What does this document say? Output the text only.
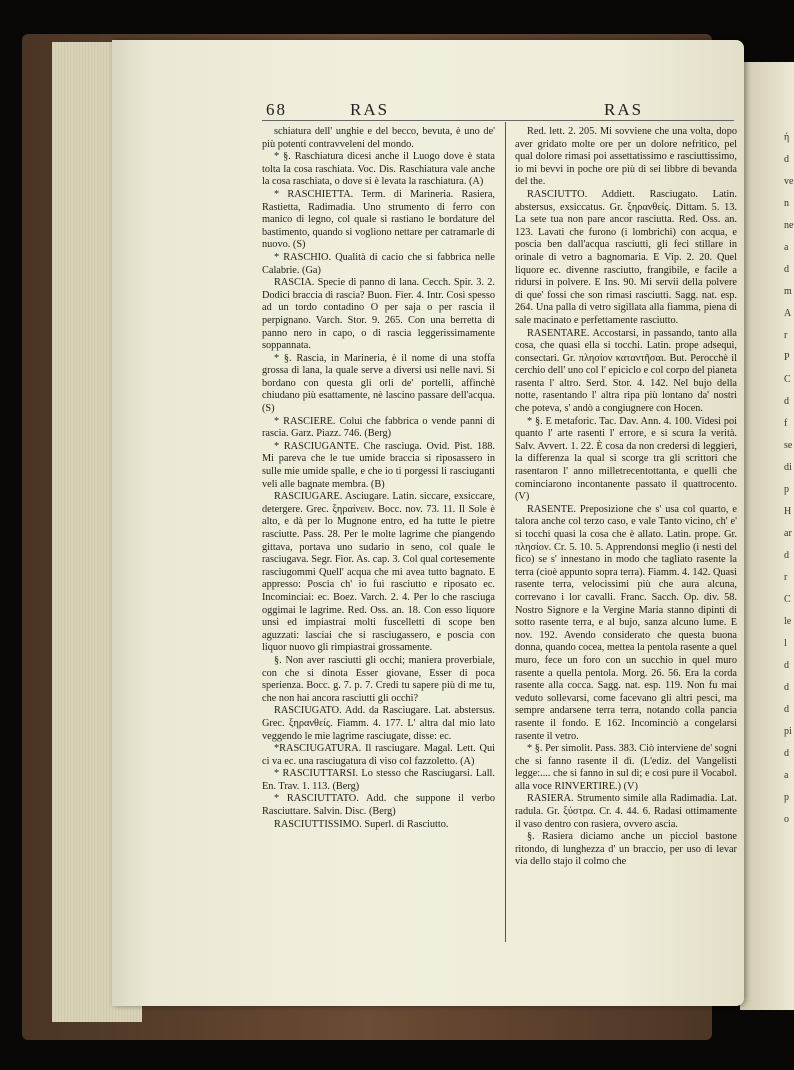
ή
d
ve
n
ne
a
d
m
A
r
P
C
d
f
se
di
p
H
ar
d
r
C
le
l
d
d
d
pi
d
a
p
o
68	RAS	RAS

schiatura dell' unghie e del becco, bevuta, è uno de' più potenti contravveleni del mondo.

* §. Raschiatura dicesi anche il Luogo dove è stata tolta la cosa raschiata. Voc. Dis. Raschiatura vale anche la cosa raschiata, o dove si è levata la raschiatura. (A)

* RASCHIETTA. Term. di Marineria. Rasiera, Rastietta, Radimadia. Uno strumento di ferro con manico di legno, col quale si rastiano le bordature del bastimento, quando si vogliono nettare per catramarle di nuovo. (S)

* RASCHIO. Qualità di cacio che si fabbrica nelle Calabrie. (Ga)

RASCIA. Specie di panno di lana. Cecch. Spir. 3. 2. Dodici braccia di rascia? Buon. Fier. 4. Intr. Così spesso ad un tordo contadino O per saja o per rascia il perpignano. Varch. Stor. 9. 265. Con una berretta di panno nero in capo, o di rascia leggerissimamente soppannata.

* §. Rascia, in Marineria, è il nome di una stoffa grossa di lana, la quale serve a diversi usi nelle navi. Si bordano con questa gli orli de' portelli, affinchè chiudano più esattamente, nè lascino passare dell'acqua. (S)

* RASCIERE. Colui che fabbrica o vende panni di rascia. Garz. Piazz. 746. (Berg)

* RASCIUGANTE. Che rasciuga. Ovid. Pist. 188. Mi pareva che le tue umide braccia si riposassero in sulle mie umide spalle, e che io ti porgessi li rasciuganti veli alle bagnate membra. (B)

RASCIUGARE. Asciugare. Latin. siccare, exsiccare, detergere. Grec. ξηραίνειν. Bocc. nov. 73. 11. Il Sole è alto, e dà per lo Mugnone entro, ed ha tutte le pietre rasciutte. Pass. 28. Per le molte lagrime che piangendo gittava, portava uno sudario in seno, col quale le rasciugava. Segr. Fior. As. cap. 3. Col qual cortesemente rasciugommi Quell' acqua che mi avea tutto bagnato. E appresso: Poscia ch' io fui rasciutto e riposato ec. Incominciai: ec. Boez. Varch. 2. 4. Per lo che rasciuga oggimai le lagrime. Red. Oss. an. 18. Con esso liquore unsi ed impiastrai molti fuscelletti di scope ben aguzzati: lasciai che si rasciugassero, e poscia con liquor nuovo gli rimpiastrai grossamente.

§. Non aver rasciutti gli occhi; maniera proverbiale, con che si dinota Esser giovane, Esser di poca sperienza. Bocc. g. 7. p. 7. Credi tu sapere più di me tu, che non hai ancora rasciutti gli occhi?

RASCIUGATO. Add. da Rasciugare. Lat. abstersus. Grec. ξηρανθείς. Fiamm. 4. 177. L' altra dal mio lato veggendo le mie lagrime rasciugate, disse: ec.

*RASCIUGATURA. Il rasciugare. Magal. Lett. Qui ci va ec. una rasciugatura di viso col fazzoletto. (A)

* RASCIUTTARSI. Lo stesso che Rasciugarsi. Lall. En. Trav. 1. 113. (Berg)

* RASCIUTTATO. Add. che suppone il verbo Rasciuttare. Salvin. Disc. (Berg)

RASCIUTTISSIMO. Superl. di Rasciutto.

Red. lett. 2. 205. Mi sovviene che una volta, dopo aver gridato molte ore per un dolore nefritico, pel qual dolore rimasi poi assettatissimo e rasciuttissimo, io mi bevvi in poche ore più di sei libbre di bevanda del the.

RASCIUTTO. Addiett. Rasciugato. Latin. abstersus, exsiccatus. Gr. ξηρανθείς. Dittam. 5. 13. La sete tua non pare ancor rasciutta. Red. Oss. an. 123. Lavati che furono (i lombrichi) con acqua, e poscia ben dall'acqua rasciutti, gli feci stillare in orinale di vetro a bagnomaria. E Vip. 2. 20. Quel liquore ec. divenne rasciutto, frangibile, e facile a ridursi in polvere. E Ins. 90. Mi servii della polvere di que' fossi che son rimasi rasciutti. Sagg. nat. esp. 264. Una palla di vetro sigillata alla fiamma, piena di sale macinato e perfettamente rasciutto.

RASENTARE. Accostarsi, in passando, tanto alla cosa, che quasi ella si tocchi. Latin. prope adsequi, consectari. Gr. πλησίον καταντῆσαι. But. Perocchè il cerchio dell' uno col l' epiciclo e col corpo del pianeta rasenta l' altro. Serd. Stor. 4. 142. Nel bujo della notte, rasentando l' altra ripa più lontano da' nostri che poteva, s' andò a congiugnere con Hocen.

* §. E metaforic. Tac. Dav. Ann. 4. 100. Videsi poi quanto l' arte rasenti l' errore, e si scura la verità. Salv. Avvert. 1. 22. È cosa da non credersi di leggieri, la differenza la qual si scorge tra gli scrittori che rasentaron l' anno milletrecentottanta, e quelli che cominciarono incontanente passato il quattrocento. (V)

RASENTE. Preposizione che s' usa col quarto, e talora anche col terzo caso, e vale Tanto vicino, ch' e' si tocchi quasi la cosa che è allato. Latin. prope. Gr. πλησίον. Cr. 5. 10. 5. Apprendonsi meglio (i nesti del fico) se s' innestano in modo che tagliato rasente la terra (cioè appunto sopra terra). Fiamm. 4. 142. Quasi rasente terra, velocissimi più che aura alcuna, correvano i lor cavalli. Franc. Sacch. Op. div. 58. Nostro Signore e la Vergine Maria stanno dipinti di sotto rasente terra, e al bujo, sanza alcuno lume. E nov. 192. Avendo considerato che questa buona donna, quando cocea, mettea la pentola rasente a quel muro, fece un foro con un succhio in quel muro rasente a quella pentola. Morg. 26. 56. Era la corda rasente alla cocca. Sagg. nat. esp. 119. Non fu mai veduto sollevarsi, come facevano gli altri pesci, ma sempre andarsene terra terra, notando colla pancia rasente il fondo. E 162. Incominciò a congelarsi rasente il vetro.

* §. Per simolit. Pass. 383. Ciò interviene de' sogni che si fanno rasente il dì. (L'ediz. del Vangelisti legge:.... che si fanno in sul dì; e così pure il Vocabol. alla voce RINVERTIRE.) (V)

RASIERA. Strumento simile alla Radimadia. Lat. radula. Gr. ξύστρα. Cr. 4. 44. 6. Radasi ottimamente il vaso dentro con rasiera, ovvero ascia.

§. Rasiera diciamo anche un picciol bastone ritondo, di lunghezza d' un braccio, per uso di levar via dello stajo il colmo che
